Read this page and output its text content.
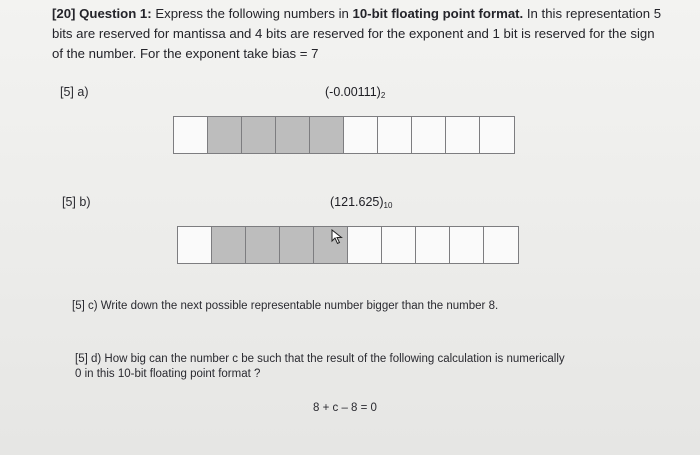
[20] Question 1: Express the following numbers in 10-bit floating point format. In this representation 5 bits are reserved for mantissa and 4 bits are reserved for the exponent and 1 bit is reserved for the sign of the number. For the exponent take bias = 7
[5] a)	$(-0.00111)_2$
[5] b)	$(121.625)_{10}$
[5] c) Write down the next possible representable number bigger than the number 8.
[5] d) How big can the number c be such that the result of the following calculation is numerically
0 in this 10-bit floating point format ?
8 + c – 8 = 0
